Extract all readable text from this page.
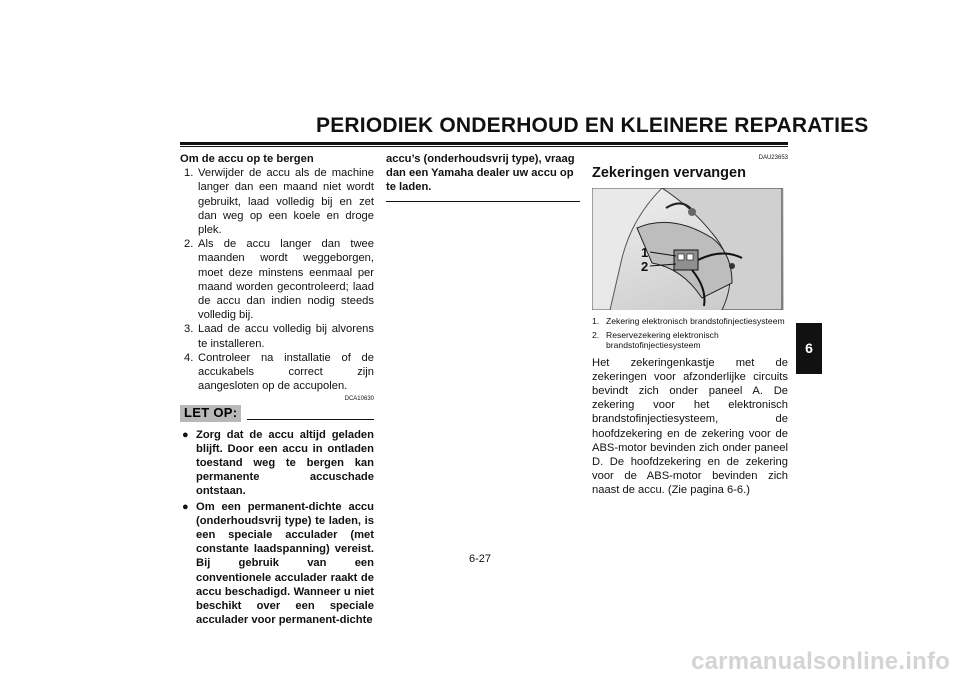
PERIODIEK ONDERHOUD EN KLEINERE REPARATIES
Om de accu op te bergen
1. Verwijder de accu als de machine langer dan een maand niet wordt gebruikt, laad volledig bij en zet dan weg op een koele en droge plek.
2. Als de accu langer dan twee maanden wordt weggeborgen, moet deze minstens eenmaal per maand worden gecontroleerd; laad de accu dan indien nodig steeds volledig bij.
3. Laad de accu volledig bij alvorens te installeren.
4. Controleer na installatie of de accukabels correct zijn aangesloten op de accupolen.
DCA10630
LET OP:
● Zorg dat de accu altijd geladen blijft. Door een accu in ontladen toestand weg te bergen kan permanente accuschade ontstaan.
● Om een permanent-dichte accu (onderhoudsvrij type) te laden, is een speciale acculader (met constante laadspanning) vereist. Bij gebruik van een conventionele acculader raakt de accu beschadigd. Wanneer u niet beschikt over een speciale acculader voor permanent-dichte
accu’s (onderhoudsvrij type), vraag dan een Yamaha dealer uw accu op te laden.
DAU23653
Zekeringen vervangen
1
2
1. Zekering elektronisch brandstofinjectiesysteem
2. Reservezekering elektronisch brandstofinjectiesysteem
Het zekeringenkastje met de zekeringen voor afzonderlijke circuits bevindt zich onder paneel A. De zekering voor het elektronisch brandstofinjectiesysteem, de hoofdzekering en de zekering voor de ABS-motor bevinden zich onder paneel D. De hoofdzekering en de zekering voor de ABS-motor bevinden zich naast de accu. (Zie pagina 6-6.)
6
6-27
carmanualsonline.info
